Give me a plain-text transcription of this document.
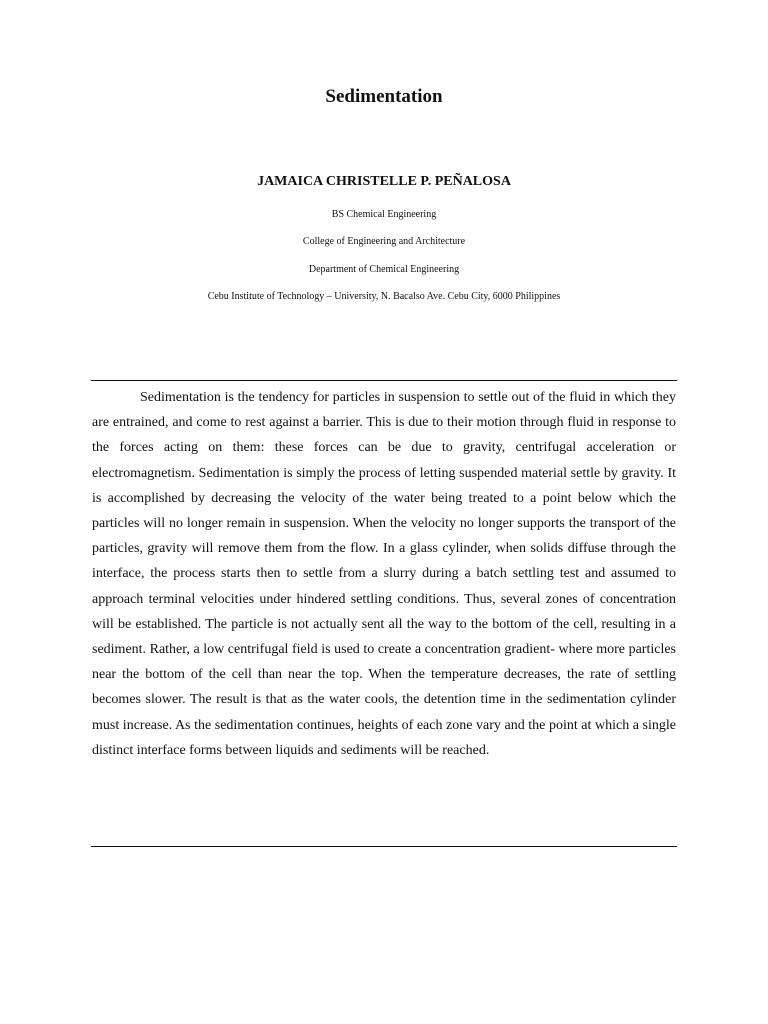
Sedimentation

JAMAICA CHRISTELLE P. PEÑALOSA

BS Chemical Engineering

College of Engineering and Architecture

Department of Chemical Engineering

Cebu Institute of Technology – University, N. Bacalso Ave. Cebu City, 6000 Philippines

Sedimentation is the tendency for particles in suspension to settle out of the fluid in which they are entrained, and come to rest against a barrier. This is due to their motion through fluid in response to the forces acting on them: these forces can be due to gravity, centrifugal acceleration or electromagnetism. Sedimentation is simply the process of letting suspended material settle by gravity. It is accomplished by decreasing the velocity of the water being treated to a point below which the particles will no longer remain in suspension. When the velocity no longer supports the transport of the particles, gravity will remove them from the flow. In a glass cylinder, when solids diffuse through the interface, the process starts then to settle from a slurry during a batch settling test and assumed to approach terminal velocities under hindered settling conditions. Thus, several zones of concentration will be established. The particle is not actually sent all the way to the bottom of the cell, resulting in a sediment. Rather, a low centrifugal field is used to create a concentration gradient- where more particles near the bottom of the cell than near the top. When the temperature decreases, the rate of settling becomes slower. The result is that as the water cools, the detention time in the sedimentation cylinder must increase. As the sedimentation continues, heights of each zone vary and the point at which a single distinct interface forms between liquids and sediments will be reached.
